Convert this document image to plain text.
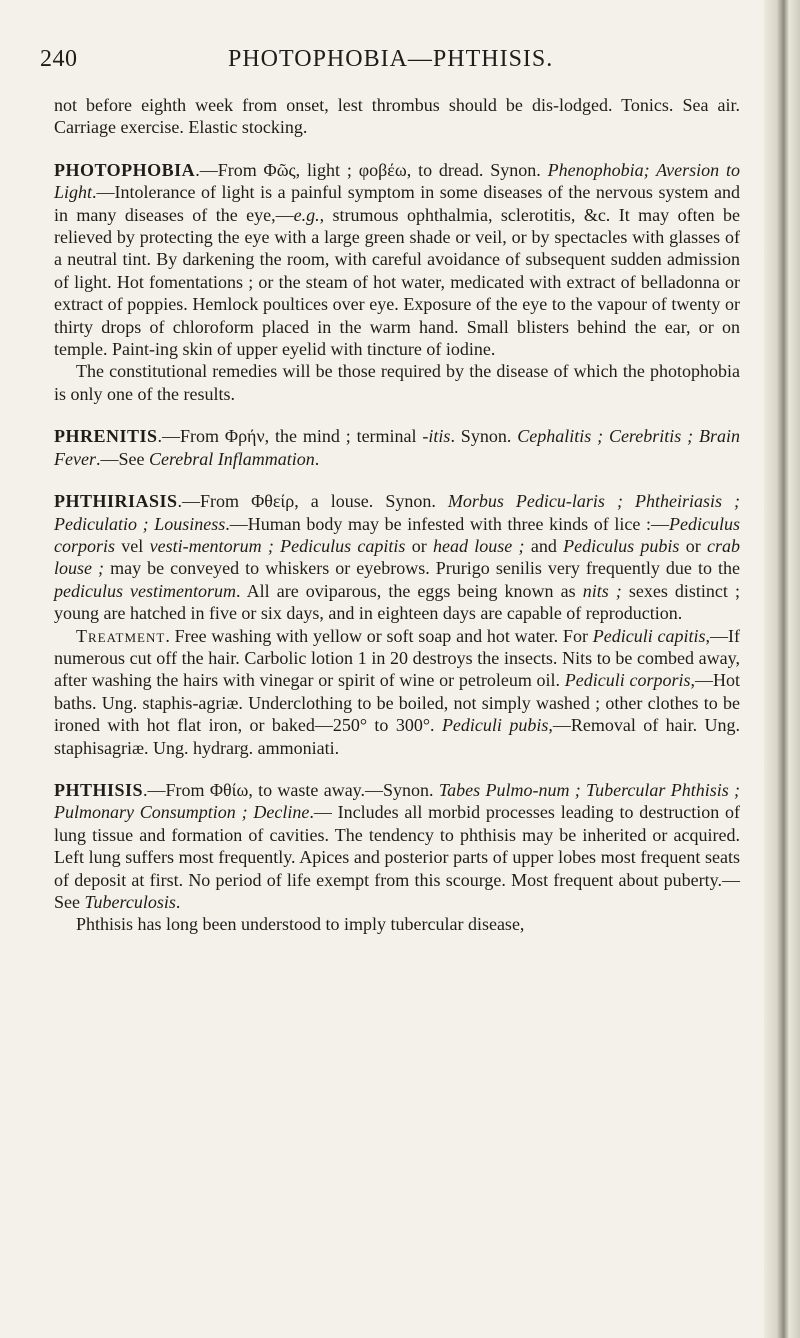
240	PHOTOPHOBIA—PHTHISIS.

not before eighth week from onset, lest thrombus should be dis-lodged. Tonics. Sea air. Carriage exercise. Elastic stocking.

PHOTOPHOBIA.—From Φῶς, light ; φοβέω, to dread. Synon. Phenophobia; Aversion to Light.—Intolerance of light is a painful symptom in some diseases of the nervous system and in many diseases of the eye,—e.g., strumous ophthalmia, sclerotitis, &c. It may often be relieved by protecting the eye with a large green shade or veil, or by spectacles with glasses of a neutral tint. By darkening the room, with careful avoidance of subsequent sudden admission of light. Hot fomentations ; or the steam of hot water, medicated with extract of belladonna or extract of poppies. Hemlock poultices over eye. Exposure of the eye to the vapour of twenty or thirty drops of chloroform placed in the warm hand. Small blisters behind the ear, or on temple. Paint-ing skin of upper eyelid with tincture of iodine.

The constitutional remedies will be those required by the disease of which the photophobia is only one of the results.

PHRENITIS.—From Φρήν, the mind ; terminal -itis. Synon. Cephalitis ; Cerebritis ; Brain Fever.—See Cerebral Inflammation.

PHTHIRIASIS.—From Φθείρ, a louse. Synon. Morbus Pedicu-laris ; Phtheiriasis ; Pediculatio ; Lousiness.—Human body may be infested with three kinds of lice :—Pediculus corporis vel vesti-mentorum ; Pediculus capitis or head louse ; and Pediculus pubis or crab louse ; may be conveyed to whiskers or eyebrows. Prurigo senilis very frequently due to the pediculus vestimentorum. All are oviparous, the eggs being known as nits ; sexes distinct ; young are hatched in five or six days, and in eighteen days are capable of reproduction.

Treatment. Free washing with yellow or soft soap and hot water. For Pediculi capitis,—If numerous cut off the hair. Carbolic lotion 1 in 20 destroys the insects. Nits to be combed away, after washing the hairs with vinegar or spirit of wine or petroleum oil. Pediculi corporis,—Hot baths. Ung. staphis-agriæ. Underclothing to be boiled, not simply washed ; other clothes to be ironed with hot flat iron, or baked—250° to 300°. Pediculi pubis,—Removal of hair. Ung. staphisagriæ. Ung. hydrarg. ammoniati.

PHTHISIS.—From Φθίω, to waste away.—Synon. Tabes Pulmo-num ; Tubercular Phthisis ; Pulmonary Consumption ; Decline.— Includes all morbid processes leading to destruction of lung tissue and formation of cavities. The tendency to phthisis may be inherited or acquired. Left lung suffers most frequently. Apices and posterior parts of upper lobes most frequent seats of deposit at first. No period of life exempt from this scourge. Most frequent about puberty.—See Tuberculosis.

Phthisis has long been understood to imply tubercular disease,
